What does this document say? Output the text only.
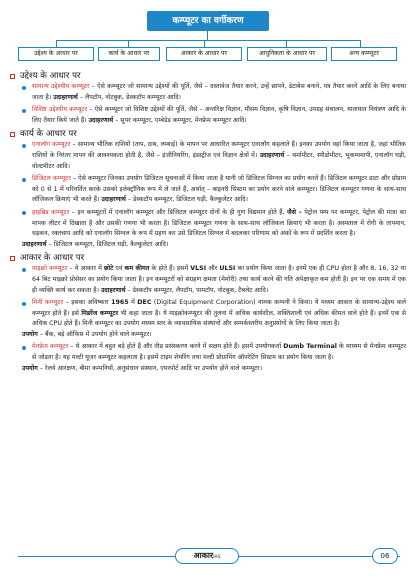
कम्प्यूटर का वर्गीकरण
उद्देश्य के आधार पर	कार्य के आधार पर	आकार के आधार पर	आधुनिकता के आधार पर	अन्य कम्प्यूटर
उद्देश्य के आधार पर
सामान्य उद्देश्यीय कम्प्यूटर – ऐसे कम्प्यूटर जो सामान्य उद्देश्यों की पूर्ति, जैसे – दस्तावेज तैयार करने, उन्हें छापने, डेटाबेस बनाने, पत्र तैयार करने आदि के लिए बनाया जाता है। उदाहरणार्थ – लैपटॉप, नोटबुक, डेस्कटॉप कम्प्यूटर आदि।
विशिष्ट उद्देश्यीय कम्प्यूटर – ऐसे कम्प्यूटर जो विशिष्ट उद्देश्यों की पूर्ति, जैसे – अन्तरिक्ष विज्ञान, मौसम विज्ञान, कृषि विज्ञान, उपग्रह संचालन, यातायात नियंत्रण आदि के लिए तैयार किये जाते हैं। उदाहरणार्थ – सुपर कम्प्यूटर, एम्बेडेड कम्प्यूटर, मेनफ्रेम कम्प्यूटर आदि।
कार्य के आधार पर
एनालॉग कम्प्यूटर – सामान्य भौतिक राशियों (ताप, दाब, लम्बाई) के मापन पर आधारित कम्प्यूटर एनालॉग कहलाते हैं। इनका उपयोग वहां किया जाता है, जहां भौतिक राशियों के निरंतर मापन की आवश्यकता होती है, जैसे – इंजीनियरिंग, इंडस्ट्रीज एवं विज्ञान क्षेत्रों में। उदाहरणार्थ – थर्मामीटर, स्पीडोमीटर, भूकम्पमापी, एनालॉग घड़ी, वोल्टमीटर आदि।
डिजिटल कम्प्यूटर – ऐसे कम्प्यूटर जिनका उपयोग डिजिटल सूचनाओं में किया जाता है यानी जो डिजिटल सिग्नल का प्रयोग करते हैं। डिजिटल कम्प्यूटर डाटा और प्रोग्राम को 0 से 1 में परिवर्तित करके उसको इलेक्ट्रॉनिक रूप में ले जाते हैं, अर्थात् – बाइनरी सिस्टम का प्रयोग करने वाले कम्प्यूटर। डिजिटल कम्प्यूटर गणना के साथ-साथ लॉजिकल क्रियाएं भी करते हैं। उदाहरणार्थ – डेस्कटॉप कम्प्यूटर, डिजिटल घड़ी, कैल्कुलेटर आदि।
हाइब्रिड कम्प्यूटर – इन कम्प्यूटरों में एनालॉग कम्प्यूटर और डिजिटल कम्प्यूटर दोनों के ही गुण विद्यमान होते हैं, जैसे – पेट्रोल पम्प पर कम्प्यूटर, पेट्रोल की मात्रा का मापक लीटर में दिखाता है और उसकी गणना भी करता है। डिजिटल कम्प्यूटर गणना के साथ-साथ लॉजिकल क्रियाएं भी करता है। अस्पताल में रोगी के तापमान, धड़कन, रक्तचाप आदि को एनालॉग सिग्नल के रूप में ग्रहण कर उसे डिजिटल सिग्नल में बदलकर परिणाम को अंकों के रूप में प्रदर्शित करता है।
उदाहरणार्थ – डिजिटल कम्प्यूटर, डिजिटल घड़ी, कैल्कुलेटर आदि।
आकार के आधार पर
माइक्रो कम्प्यूटर – ये आकार में छोटे एवं कम कीमत के होते हैं। इसमें VLSI और ULSI का प्रयोग किया जाता है। इनमें एक ही CPU होता है और 8, 16, 32 या 64 बिट माइक्रो प्रोसेसर का प्रयोग किया जाता है। इन कम्प्यूटरों को संग्रहण क्षमता (मेमोरी) तथा कार्य करने की गति अपेक्षाकृत कम होती है। इन पर एक समय में एक ही व्यक्ति कार्य कर सकता है। उदाहरणार्थ – डेस्कटॉप कम्प्यूटर, लैपटॉप, पामटॉप, नोटबुक, टैबलेट आदि।
मिनी कम्प्यूटर – इसका अविष्कार 1965 में DEC (Digital Equipment Corporation) नामक कम्पनी ने किया। ये मध्यम आकार के सामान्य-उद्देश्य वाले कम्प्यूटर होते हैं। इसे मिडरेंज कम्प्यूटर भी कहा जाता है। ये माइक्रोकम्प्यूटर की तुलना में अधिक कार्यशील, शक्तिशाली एवं अधिक कीमत वाले होते हैं। इनमें एक से अधिक CPU होते हैं। मिनी कम्प्यूटर का उपयोग मध्यम स्तर के व्यावसायिक संस्थानों और सम्पर्कस्तरीय अनुप्रयोगों के लिए किया जाता है।
उपयोग – बैंक, बड़े ऑफिस में उपयोग होने वाले कम्प्यूटर।
मेनफ्रेम कम्प्यूटर – ये आकार में बहुत बड़े होते हैं और तीव्र प्रसंस्करण करने में सक्षम होते हैं। इसमें उपयोगकर्ता Dumb Terminal के माध्यम से मेनफ्रेम कम्प्यूटर से जोड़ता है। यह मल्टी यूजर कम्प्यूटर कहलाता है। इसमें टाइम शेयरिंग तथा मल्टी प्रोग्रामिंग ऑपरेटिंग सिस्टम का प्रयोग किया जाता है।
उपयोग – रेलवे आरक्षण, बीमा कम्पनियों, अनुसंधान संस्थान, एयरपोर्ट आदि पर उपयोग होने वाले कम्प्यूटर।
आकारIAS	06
